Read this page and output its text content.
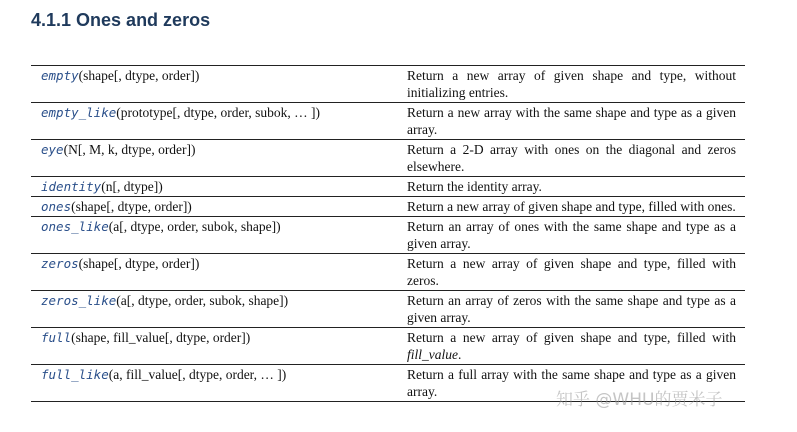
4.1.1 Ones and zeros
empty(shape[, dtype, order])	Return a new array of given shape and type, without initializing entries.
empty_like(prototype[, dtype, order, subok, … ])	Return a new array with the same shape and type as a given array.
eye(N[, M, k, dtype, order])	Return a 2-D array with ones on the diagonal and zeros elsewhere.
identity(n[, dtype])	Return the identity array.
ones(shape[, dtype, order])	Return a new array of given shape and type, filled with ones.
ones_like(a[, dtype, order, subok, shape])	Return an array of ones with the same shape and type as a given array.
zeros(shape[, dtype, order])	Return a new array of given shape and type, filled with zeros.
zeros_like(a[, dtype, order, subok, shape])	Return an array of zeros with the same shape and type as a given array.
full(shape, fill_value[, dtype, order])	Return a new array of given shape and type, filled with fill_value.
full_like(a, fill_value[, dtype, order, … ])	Return a full array with the same shape and type as a given array.	知乎 @WHU的贾米子
